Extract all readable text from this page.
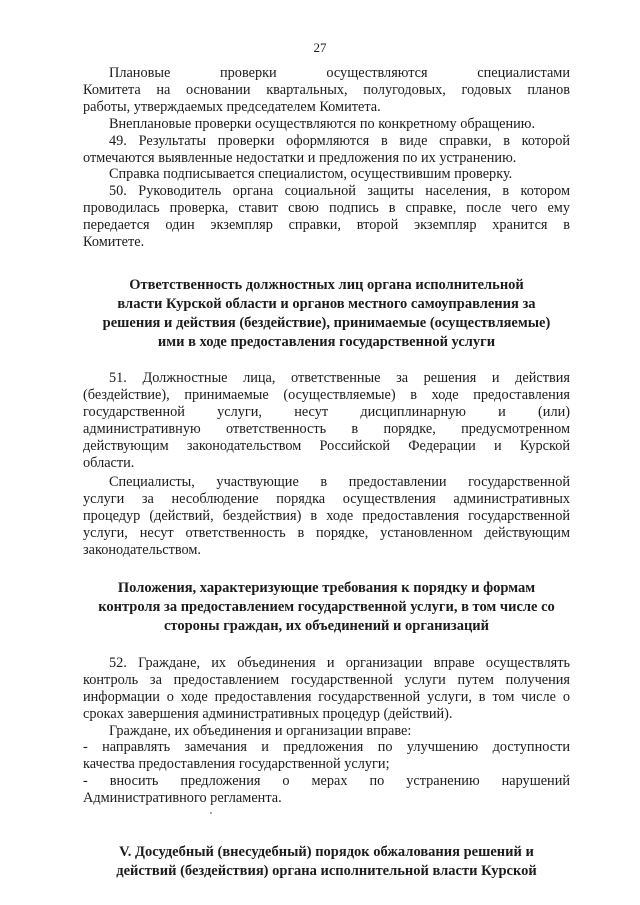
27
Плановые проверки осуществляются специалистами
Комитета на основании квартальных, полугодовых, годовых планов
работы, утверждаемых председателем Комитета.
Внеплановые проверки осуществляются по конкретному обращению.
49. Результаты проверки оформляются в виде справки, в которой
отмечаются выявленные недостатки и предложения по их устранению.
Справка подписывается специалистом, осуществившим проверку.
50. Руководитель органа социальной защиты населения, в котором
проводилась проверка, ставит свою подпись в справке, после чего ему
передается один экземпляр справки, второй экземпляр хранится в
Комитете.
Ответственность должностных лиц органа исполнительной
власти Курской области и органов местного самоуправления за
решения и действия (бездействие), принимаемые (осуществляемые)
ими в ходе предоставления государственной услуги
51. Должностные лица, ответственные за решения и действия
(бездействие), принимаемые (осуществляемые) в ходе предоставления
государственной услуги, несут дисциплинарную и (или)
административную ответственность в порядке, предусмотренном
действующим законодательством Российской Федерации и Курской
области.
Специалисты, участвующие в предоставлении государственной
услуги за несоблюдение порядка осуществления административных
процедур (действий, бездействия) в ходе предоставления государственной
услуги, несут ответственность в порядке, установленном действующим
законодательством.
Положения, характеризующие требования к порядку и формам
контроля за предоставлением государственной услуги, в том числе со
стороны граждан, их объединений и организаций
52. Граждане, их объединения и организации вправе осуществлять
контроль за предоставлением государственной услуги путем получения
информации о ходе предоставления государственной услуги, в том числе о
сроках завершения административных процедур (действий).
Граждане, их объединения и организации вправе:
- направлять замечания и предложения по улучшению доступности
качества предоставления государственной услуги;
- вносить предложения о мерах по устранению нарушений
Административного регламента.
V. Досудебный (внесудебный) порядок обжалования решений и
действий (бездействия) органа исполнительной власти Курской
